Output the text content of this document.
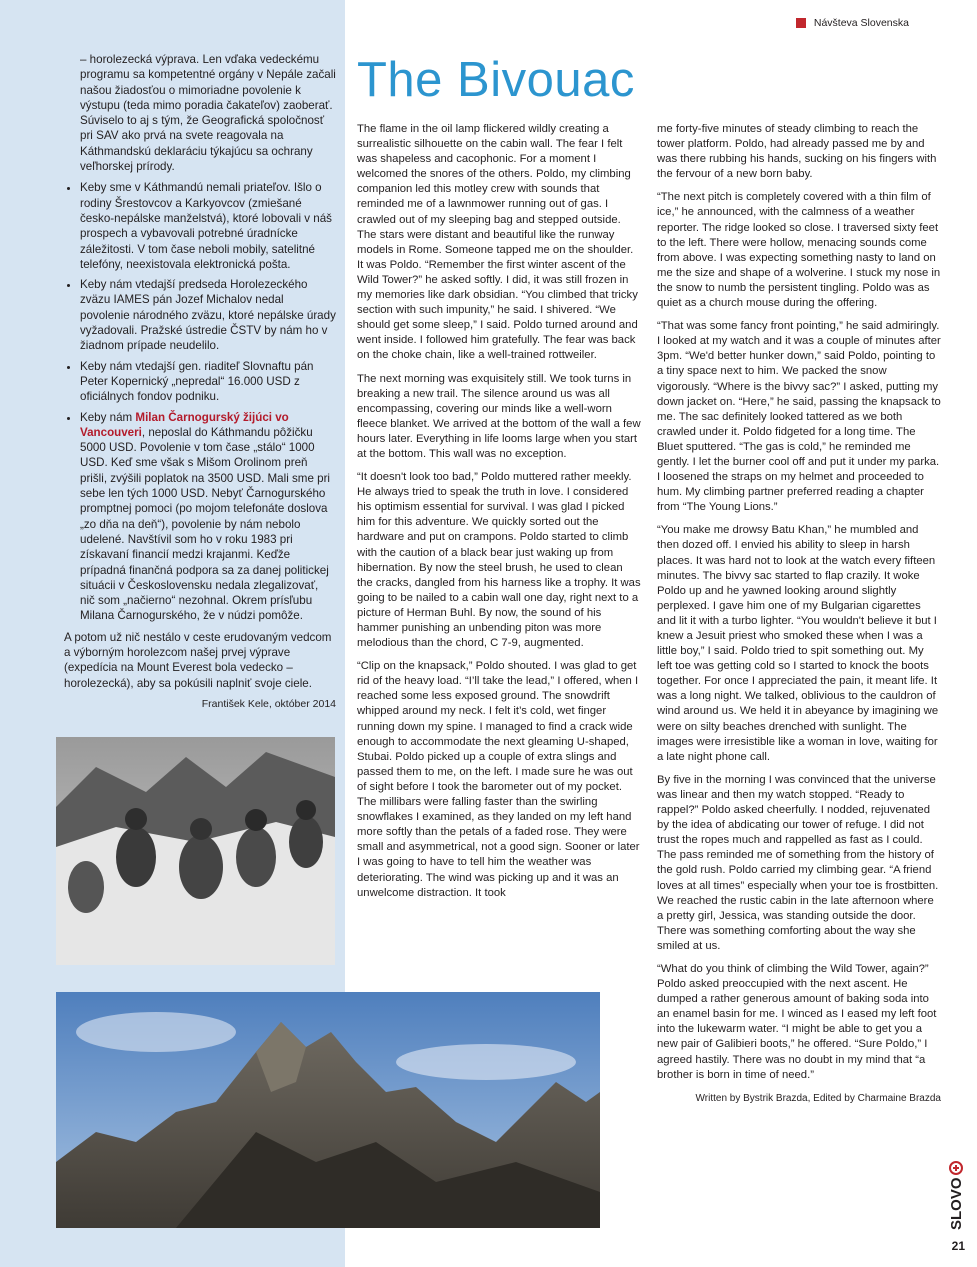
– horolezecká výprava. Len vďaka vedeckému programu sa kompetentné orgány v Nepále začali našou žiadosťou o mimoriadne povolenie k výstupu (teda mimo poradia čakateľov) zaoberať. Súviselo to aj s tým, že Geografická spoločnosť pri SAV ako prvá na svete reagovala na Káthmandskú deklaráciu týkajúcu sa ochrany veľhorskej prírody.

• Keby sme v Káthmandú nemali priateľov. Išlo o rodiny Šrestovcov a Karkyovcov (zmiešané česko-nepálske manželstvá), ktoré lobovali v náš prospech a vybavovali potrebné úradnícke záležitosti. V tom čase neboli mobily, satelitné telefóny, neexistovala elektronická pošta.
• Keby nám vtedajší predseda Horolezeckého zväzu IAMES pán Jozef Michalov nedal povolenie národného zväzu, ktoré nepálske úrady vyžadovali. Pražské ústredie ČSTV by nám ho v žiadnom prípade neudelilo.
• Keby nám vtedajší gen. riaditeľ Slovnaftu pán Peter Kopernický „nepredal“ 16.000 USD z oficiálnych fondov podniku.
• Keby nám Milan Čarnogurský žijúci vo Vancouveri, neposlal do Káthmandu pôžičku 5000 USD. Povolenie v tom čase „stálo“ 1000 USD. Keď sme však s Mišom Orolinom preň prišli, zvýšili poplatok na 3500 USD. Mali sme pri sebe len tých 1000 USD. Nebyť Čarnogurského promptnej pomoci (po mojom telefonáte doslova „zo dňa na deň“), povolenie by nám nebolo udelené. Navštívil som ho v roku 1983 pri získavaní financií medzi krajanmi. Keďže prípadná finančná podpora sa za danej politickej situácii v Československu nedala zlegalizovať, nič som „načierno“ nezohnal. Okrem prísľubu Milana Čarnogurského, že v núdzi pomôže.

A potom už nič nestálo v ceste erudovaným vedcom a výborným horolezcom našej prvej výprave (expedícia na Mount Everest bola vedecko – horolezecká), aby sa pokúsili naplniť svoje ciele.

František Kele, október 2014

Návšteva Slovenska
The Bivouac

The flame in the oil lamp flickered wildly creating a surrealistic silhouette on the cabin wall. The fear I felt was shapeless and cacophonic. For a moment I welcomed the snores of the others. Poldo, my climbing companion led this motley crew with sounds that reminded me of a lawnmower running out of gas. I crawled out of my sleeping bag and stepped outside. The stars were distant and beautiful like the runway models in Rome. Someone tapped me on the shoulder. It was Poldo. “Remember the first winter ascent of the Wild Tower?” he asked softly. I did, it was still frozen in my memories like dark obsidian. “You climbed that tricky section with such impunity,” he said. I shivered. “We should get some sleep,” I said. Poldo turned around and went inside. I followed him gratefully. The fear was back on the choke chain, like a well-trained rottweiler.

The next morning was exquisitely still. We took turns in breaking a new trail. The silence around us was all encompassing, covering our minds like a well-worn fleece blanket. We arrived at the bottom of the wall a few hours later. Everything in life looms large when you start at the bottom. This wall was no exception.

“It doesn't look too bad,” Poldo muttered rather meekly. He always tried to speak the truth in love. I considered his optimism essential for survival. I was glad I picked him for this adventure. We quickly sorted out the hardware and put on crampons. Poldo started to climb with the caution of a black bear just waking up from hibernation. By now the steel brush, he used to clean the cracks, dangled from his harness like a trophy. It was going to be nailed to a cabin wall one day, right next to a picture of Herman Buhl. By now, the sound of his hammer punishing an unbending piton was more melodious than the chord, C 7-9, augmented.

“Clip on the knapsack,” Poldo shouted. I was glad to get rid of the heavy load. “I’ll take the lead,” I offered, when I reached some less exposed ground. The snowdrift whipped around my neck. I felt it’s cold, wet finger running down my spine. I managed to find a crack wide enough to accommodate the next gleaming U-shaped, Stubai. Poldo picked up a couple of extra slings and passed them to me, on the left. I made sure he was out of sight before I took the barometer out of my pocket. The millibars were falling faster than the swirling snowflakes I examined, as they landed on my left hand more softly than the petals of a faded rose. They were small and asymmetrical, not a good sign. Sooner or later I was going to have to tell him the weather was deteriorating. The wind was picking up and it was an unwelcome distraction. It took

me forty-five minutes of steady climbing to reach the tower platform. Poldo, had already passed me by and was there rubbing his hands, sucking on his fingers with the fervour of a new born baby.

“The next pitch is completely covered with a thin film of ice,” he announced, with the calmness of a weather reporter. The ridge looked so close. I traversed sixty feet to the left. There were hollow, menacing sounds come from above. I was expecting something nasty to land on me the size and shape of a wolverine. I stuck my nose in the snow to numb the persistent tingling. Poldo was as quiet as a church mouse during the offering.

“That was some fancy front pointing,” he said admiringly. I looked at my watch and it was a couple of minutes after 3pm. “We'd better hunker down,” said Poldo, pointing to a tiny space next to him. We packed the snow vigorously. “Where is the bivvy sac?” I asked, putting my down jacket on. “Here,” he said, passing the knapsack to me. The sac definitely looked tattered as we both crawled under it. Poldo fidgeted for a long time. The Bluet sputtered. “The gas is cold,” he reminded me gently. I let the burner cool off and put it under my parka. I loosened the straps on my helmet and proceeded to hum. My climbing partner preferred reading a chapter from “The Young Lions.”

“You make me drowsy Batu Khan,” he mumbled and then dozed off. I envied his ability to sleep in harsh places. It was hard not to look at the watch every fifteen minutes. The bivvy sac started to flap crazily. It woke Poldo up and he yawned looking around slightly perplexed. I gave him one of my Bulgarian cigarettes and lit it with a turbo lighter. “You wouldn't believe it but I knew a Jesuit priest who smoked these when I was a little boy,” I said. Poldo tried to spit something out. My left toe was getting cold so I started to knock the boots together. For once I appreciated the pain, it meant life. It was a long night. We talked, oblivious to the cauldron of wind around us. We held it in abeyance by imagining we were on silty beaches drenched with sunlight. The images were irresistible like a woman in love, waiting for a late night phone call.

By five in the morning I was convinced that the universe was linear and then my watch stopped. “Ready to rappel?” Poldo asked cheerfully. I nodded, rejuvenated by the idea of abdicating our tower of refuge. I did not trust the ropes much and rappelled as fast as I could. The pass reminded me of something from the history of the gold rush. Poldo carried my climbing gear. “A friend loves at all times” especially when your toe is frostbitten. We reached the rustic cabin in the late afternoon where a pretty girl, Jessica, was standing outside the door. There was something comforting about the way she smiled at us.

“What do you think of climbing the Wild Tower, again?” Poldo asked preoccupied with the next ascent. He dumped a rather generous amount of baking soda into an enamel basin for me. I winced as I eased my left foot into the lukewarm water. “I might be able to get you a new pair of Galibieri boots,” he offered. “Sure Poldo,” I agreed hastily. There was no doubt in my mind that “a brother is born in time of need.”

Written by Bystrik Brazda, Edited by Charmaine Brazda
SLOVO
21
